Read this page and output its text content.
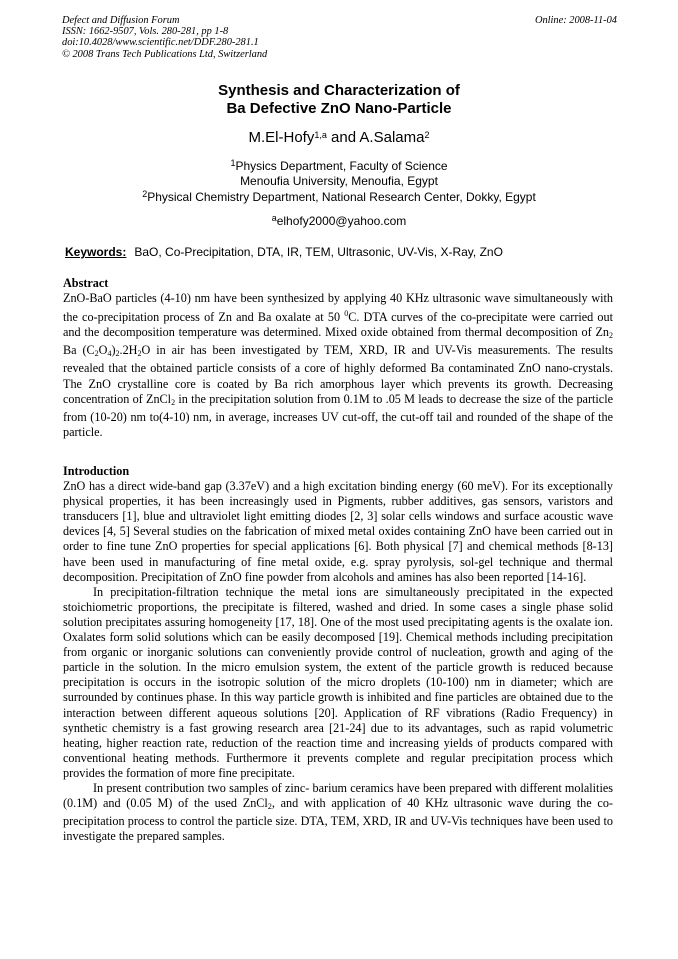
Defect and Diffusion Forum
ISSN: 1662-9507, Vols. 280-281, pp 1-8
doi:10.4028/www.scientific.net/DDF.280-281.1
© 2008 Trans Tech Publications Ltd, Switzerland
Online: 2008-11-04
Synthesis and Characterization of
Ba Defective ZnO Nano-Particle
M.El-Hofy$^{1,a}$ and A.Salama$^2$
$^1$Physics Department, Faculty of Science
Menoufia University, Menoufia, Egypt
$^2$Physical Chemistry Department, National Research Center, Dokky, Egypt
$^a$elhofy2000@yahoo.com
Keywords: BaO, Co-Precipitation, DTA, IR, TEM, Ultrasonic, UV-Vis, X-Ray, ZnO
Abstract

ZnO-BaO particles (4-10) nm have been synthesized by applying 40 KHz ultrasonic wave simultaneously with the co-precipitation process of Zn and Ba oxalate at 50 $^0$C. DTA curves of the co-precipitate were carried out and the decomposition temperature was determined. Mixed oxide obtained from thermal decomposition of $Zn_2$ Ba $(C_2O_4)_2.2H_2O$ in air has been investigated by TEM, XRD, IR and UV-Vis measurements. The results revealed that the obtained particle consists of a core of highly deformed Ba contaminated ZnO nano-crystals. The ZnO crystalline core is coated by Ba rich amorphous layer which prevents its growth. Decreasing concentration of ZnCl$_2$ in the precipitation solution from 0.1M to .05 M leads to decrease the size of the particle from (10-20) nm to(4-10) nm, in average, increases UV cut-off, the cut-off tail and rounded of the shape of the particle.

Introduction

ZnO has a direct wide-band gap (3.37eV) and a high excitation binding energy (60 meV). For its exceptionally physical properties, it has been increasingly used in Pigments, rubber additives, gas sensors, varistors and transducers [1], blue and ultraviolet light emitting diodes [2, 3] solar cells windows and surface acoustic wave devices [4, 5] Several studies on the fabrication of mixed metal oxides containing ZnO have been carried out in order to fine tune ZnO properties for special applications [6]. Both physical [7] and chemical methods [8-13] have been used in manufacturing of fine metal oxide, e.g. spray pyrolysis, sol-gel technique and thermal decomposition. Precipitation of ZnO fine powder from alcohols and amines has also been reported [14-16].

In precipitation-filtration technique the metal ions are simultaneously precipitated in the expected stoichiometric proportions, the precipitate is filtered, washed and dried. In some cases a single phase solid solution precipitates assuring homogeneity [17, 18]. One of the most used precipitating agents is the oxalate ion. Oxalates form solid solutions which can be easily decomposed [19]. Chemical methods including precipitation from organic or inorganic solutions can conveniently provide control of nucleation, growth and aging of the particle in the solution. In the micro emulsion system, the extent of the particle growth is reduced because precipitation is occurs in the isotropic solution of the micro droplets (10-100) nm in diameter; which are surrounded by continues phase. In this way particle growth is inhibited and fine particles are obtained due to the interaction between different aqueous solutions [20]. Application of RF vibrations (Radio Frequency) in synthetic chemistry is a fast growing research area [21-24] due to its advantages, such as rapid volumetric heating, higher reaction rate, reduction of the reaction time and increasing yields of products compared with conventional heating methods. Furthermore it prevents complete and regular precipitation process which provides the formation of more fine precipitate.

In present contribution two samples of zinc- barium ceramics have been prepared with different molalities (0.1M) and (0.05 M) of the used ZnCl$_2$, and with application of 40 KHz ultrasonic wave during the co-precipitation process to control the particle size. DTA, TEM, XRD, IR and UV-Vis techniques have been used to investigate the prepared samples.
